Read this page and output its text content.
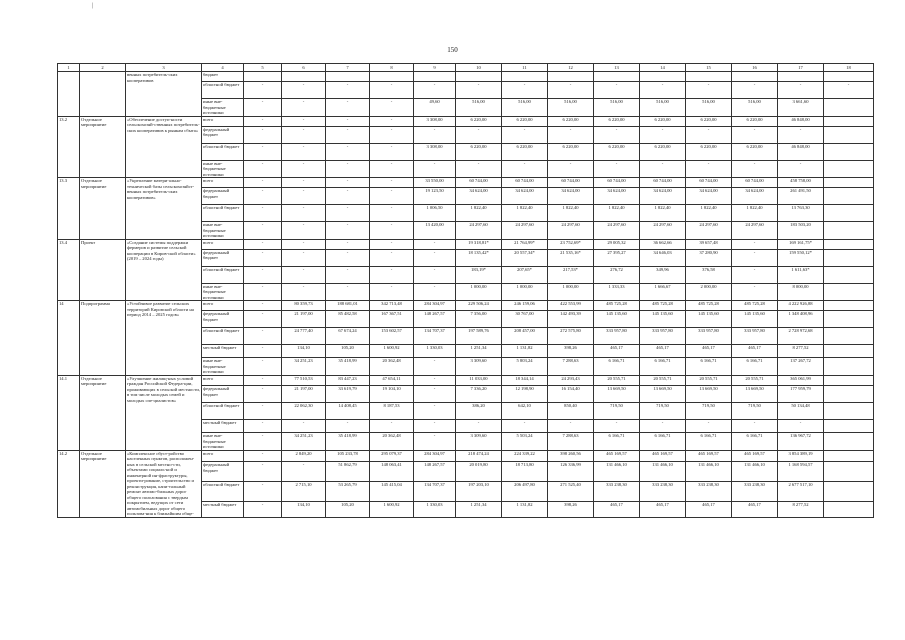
|
150
1	2	3	4	5	6	7	8	9	10	11	12	13	14	15	16	17	18
		венных потребитель-ских кооперативов	бюджет														
			областной бюджет	-	-	-	-	-	-	-	-	-	-	-	-	-	-
			иные вне-бюджетные источники	-	-	-	-	49,60	516,00	516,00	516,00	516,00	516,00	516,00	516,00	3 661,60	
13.2	Отдельное мероприятие	«Обеспечение доступ-ности сельскохозяй-ственных потребитель-ских кооперативов к рынкам сбыта»	всего	-	-	-	-	3 308,00	6 220,00	6 220,00	6 220,00	6 220,00	6 220,00	6 220,00	6 220,00	46 848,00	
			федеральный бюджет	-	-	-	-	-	-	-	-	-	-	-	-	-	
			областной бюджет	-	-	-	-	3 308,00	6 220,00	6 220,00	6 220,00	6 220,00	6 220,00	6 220,00	6 220,00	46 848,00	
			иные вне-бюджетные источники	-	-	-	-	-	-	-	-	-	-	-	-	-	
13.3	Отдельное мероприятие	«Укрепление матери-ально-технической базы сельскохозяйст-венных потребитель-ских кооперативов»	всего	-	-	-	-	33 550,00	60 744,00	60 744,00	60 744,00	60 744,00	60 744,00	60 744,00	60 744,00	458 758,00	
			федеральный бюджет	-	-	-	-	19 123,50	34 624,00	34 624,00	34 624,00	34 624,00	34 624,00	34 624,00	34 624,00	261 491,50	
			областной бюджет	-	-	-	-	1 006,50	1 822,40	1 822,40	1 822,40	1 822,40	1 822,40	1 822,40	1 822,40	13 763,30	
			иные вне-бюджетные источники	-	-	-	-	13 420,00	24 297,60	24 297,60	24 297,60	24 297,60	24 297,60	24 297,60	24 297,60	183 503,20	
13.4	Проект	«Создание системы поддержки фермеров и развитие сельской кооперации в Киров-ской области» (2019 – 2024 годы)	всего	-	-	-	-	-	19 318,81*	21 764,99*	23 752,69*	29 005,32	36 662,66	39 657,48	-	169 161,75*	
			федеральный бюджет	-	-	-	-	-	18 135,42*	20 557,34*	21 535,16*	27 395,27	34 646,03	37 280,90	-	159 550,12*	
			областной бюджет	-	-	-	-	-	183,19*	207,65*	217,53*	276,72	349,96	376,58	-	1 611,63*	
			иные вне-бюджетные источники	-	-	-	-	-	1 000,00	1 000,00	1 000,00	1 333,33	1 666,67	2 000,00	-	8 000,00	
14	Подпрограмма	«Устойчивое развитие сельских территорий Кировской области на период 2014 – 2025 годов»	всего	-	80 359,73	188 681,01	342 713,48	284 304,97	229 506,24	246 159,06	422 553,99	485 725,28	485 725,28	485 725,28	485 725,28	4 222 926,88	
			федеральный бюджет	-	21 197,00	85 482,58	167 367,51	148 267,57	7 356,00	30 767,00	142 493,39	145 135,60	145 135,60	145 135,60	145 135,60	1 348 408,96	
			областной бюджет	-	24 777,40	67 674,24	153 602,57	134 707,37	197 589,76	208 457,00	272 575,80	333 957,80	333 957,80	333 957,80	333 957,80	2 728 972,68	
			местный бюджет	-	134,10	105,20	1 600,92	1 330,03	1 251,34	1 131,82	398,26	465,17	465,17	465,17	465,17	8 277,52	
			иные вне-бюджетные источники	-	34 251,23	35 418,99	20 362,48	-	3 309,60	5 803,24	7 288,63	6 166,71	6 166,71	6 166,71	6 166,71	137 267,72	
14.1	Отдельное мероприятие	«Улучшение жилищ-ных условий граждан Российской Федера-ции, проживающих в сельской местности, в том числе молодых семей и молодых спе-циалистов»	всего	-	77 510,53	83 447,23	47 654,11	-	11 033,00	18 344,14	24 293,43	20 555,71	20 555,71	20 555,71	20 555,71	365 061,99	
			федеральный бюджет	-	21 197,00	33 619,79	19 104,10	-	7 336,20	12 198,90	16 154,40	13 669,50	13 669,50	13 669,50	13 669,50	177 959,79	
			областной бюджет	-	22 062,30	14 408,45	8 187,53	-	386,20	642,10	850,40	719,50	719,50	719,50	719,50	50 134,48	
			местный бюджет	-	-	-	-	-	-	-	-	-	-	-	-	-	
			иные вне-бюджетные источники	-	34 251,23	35 418,99	20 362,48	-	3 309,60	5 503,24	7 288,63	6 166,71	6 166,71	6 166,71	6 166,71	136 967,72	
14.2	Отдельное мероприятие	«Комплексное обуст-ройство населенных пунктов, расположен-ных в сельской местно-сти, объектами социаль-ной и инженерной ин-фраструктуры, проекти-рование, строительство и реконструкция, капи-тальный ремонт автомо-бильных дорог общего пользования с твердым покрытием, ведущих от сети автомобильных дорог общего пользова-ния к ближайшим обще-	всего	-	2 849,20	105 233,78	295 079,37	284 304,97	218 474,24	224 339,22	398 260,56	465 169,57	465 169,57	465 169,57	465 169,57	3 854 389,19	
			федеральный бюджет	-	-	51 862,79	148 063,41	148 267,57	20 019,80	18 713,80	126 336,99	131 466,10	131 466,10	131 466,10	131 466,10	1 168 594,57	
			областной бюджет	-	2 715,10	53 265,79	145 415,04	134 707,37	197 203,10	206 497,80	271 525,40	333 238,30	333 238,30	333 238,30	333 238,30	2 677 517,10	
			местный бюджет	-	134,10	105,20	1 600,92	1 330,03	1 251,34	1 131,82	398,26	465,17	465,17	465,17	465,17	8 277,52	
